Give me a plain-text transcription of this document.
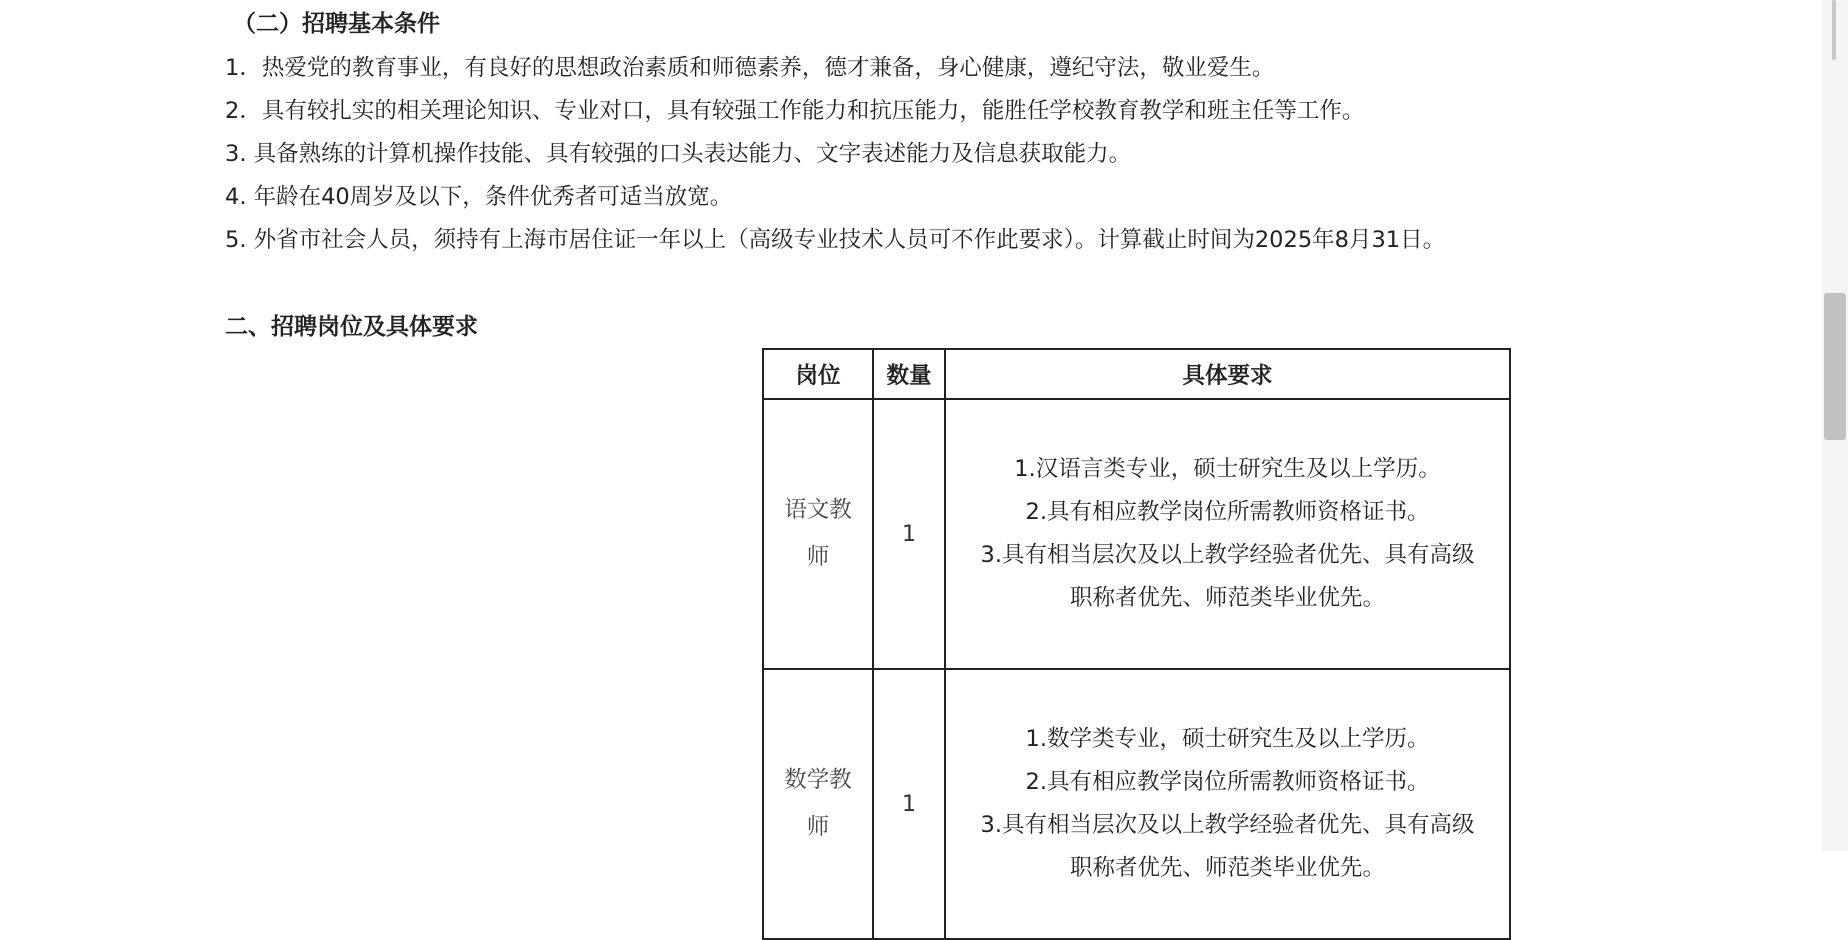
（二）招聘基本条件
1．热爱党的教育事业，有良好的思想政治素质和师德素养，德才兼备，身心健康，遵纪守法，敬业爱生。
2．具有较扎实的相关理论知识、专业对口，具有较强工作能力和抗压能力，能胜任学校教育教学和班主任等工作。
3. 具备熟练的计算机操作技能、具有较强的口头表达能力、文字表述能力及信息获取能力。
4. 年龄在40周岁及以下，条件优秀者可适当放宽。
5. 外省市社会人员，须持有上海市居住证一年以上（高级专业技术人员可不作此要求）。计算截止时间为2025年8月31日。
二、招聘岗位及具体要求
岗位	数量	具体要求

语文教
师	1	1.汉语言类专业，硕士研究生及以上学历。
2.具有相应教学岗位所需教师资格证书。
3.具有相当层次及以上教学经验者优先、具有高级
职称者优先、师范类毕业优先。

数学教
师	1	1.数学类专业，硕士研究生及以上学历。
2.具有相应教学岗位所需教师资格证书。
3.具有相当层次及以上教学经验者优先、具有高级
职称者优先、师范类毕业优先。
